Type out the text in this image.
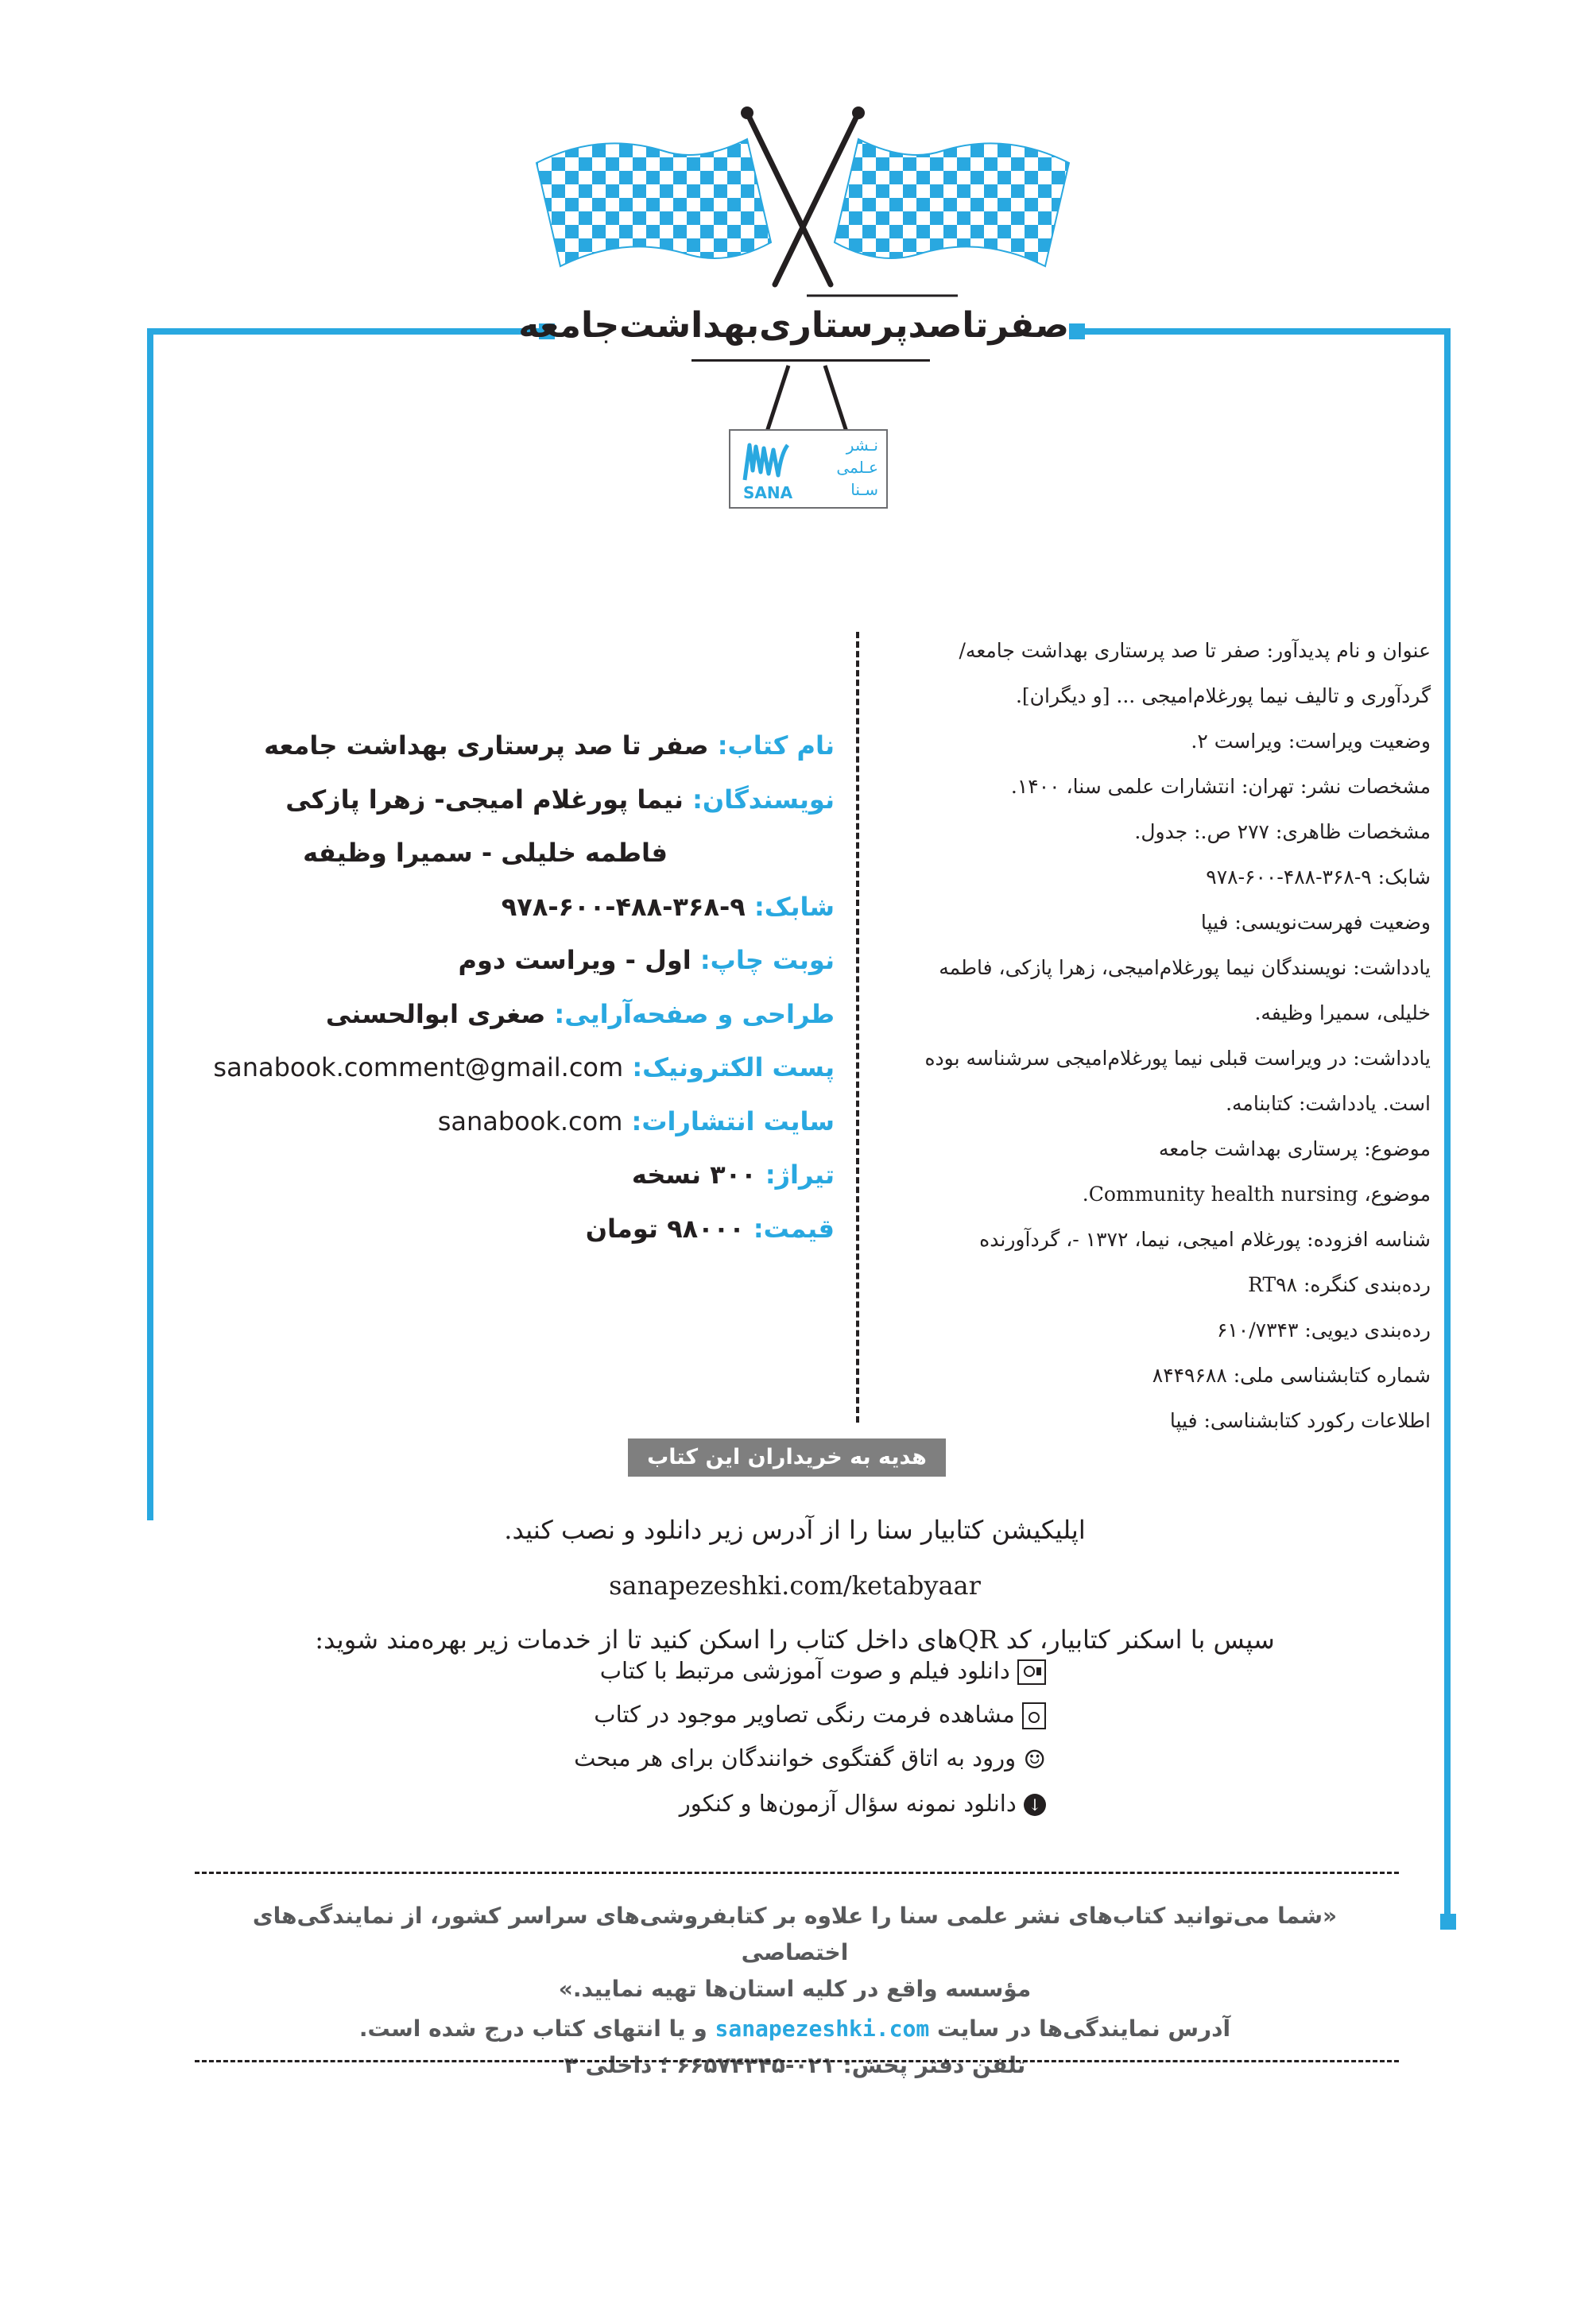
صفرتاصدپرستاری‌بهداشت‌جامعه
SANA
نـشر
عـلمی
سـنا
عنوان و نام پدیدآور: صفر تا صد پرستاری بهداشت جامعه/
گردآوری و تالیف نیما پورغلام‌امیجی ... [و دیگران].
وضعیت ویراست: ویراست ۲.
مشخصات نشر: تهران: انتشارات علمی سنا، ۱۴۰۰.
مشخصات ظاهری: ۲۷۷ ص.: جدول.
شابک: ۹-۳۶۸-۴۸۸-۶۰۰-۹۷۸
وضعیت فهرست‌نویسی: فیپا
یادداشت: نویسندگان نیما پورغلام‌امیجی، زهرا پازکی، فاطمه خلیلی، سمیرا وظیفه.
یادداشت: در ویراست قبلی نیما پورغلام‌امیجی سرشناسه بوده است. یادداشت: کتابنامه.
موضوع: پرستاری بهداشت جامعه
موضوع، Community health nursing.
شناسه افزوده: پورغلام امیجی، نیما، ۱۳۷۲ -، گردآورنده
رده‌بندی کنگره: RT۹۸
رده‌بندی دیویی: ۶۱۰/۷۳۴۳
شماره کتابشناسی ملی: ۸۴۴۹۶۸۸
اطلاعات رکورد کتابشناسی: فیپا
نام کتاب: صفر تا صد پرستاری بهداشت جامعه
نویسندگان: نیما پورغلام امیجی- زهرا پازکی
فاطمه خلیلی - سمیرا وظیفه
شابک: ۹-۳۶۸-۴۸۸-۶۰۰-۹۷۸
نوبت چاپ: اول - ویراست دوم
طراحی و صفحه‌آرایی: صغری ابوالحسنی
پست الکترونیک: sanabook.comment@gmail.com
سایت انتشارات: sanabook.com
تیراژ: ۳۰۰ نسخه
قیمت: ۹۸۰۰۰ تومان
هدیه به خریداران این کتاب
اپلیکیشن کتابیار سنا را از آدرس زیر دانلود و نصب کنید.
sanapezeshki.com/ketabyaar
سپس با اسکنر کتابیار، کد QRهای داخل کتاب را اسکن کنید تا از خدمات زیر بهره‌مند شوید:
دانلود فیلم و صوت آموزشی مرتبط با کتاب
مشاهده فرمت رنگی تصاویر موجود در کتاب
☺ ورود به اتاق گفتگوی خوانندگان برای هر مبحث
↓ دانلود نمونه سؤال آزمون‌ها و کنکور
«شما می‌توانید کتاب‌های نشر علمی سنا را علاوه بر کتابفروشی‌های سراسر کشور، از نمایندگی‌های اختصاصی
مؤسسه واقع در کلیه استان‌ها تهیه نمایید.»
آدرس نمایندگی‌ها در سایت sanapezeshki.com و یا انتهای کتاب درج شده است.
تلفن دفتر پخش: ۰۲۱-۶۶۵۷۴۳۴۵ ؛ داخلی ۳
